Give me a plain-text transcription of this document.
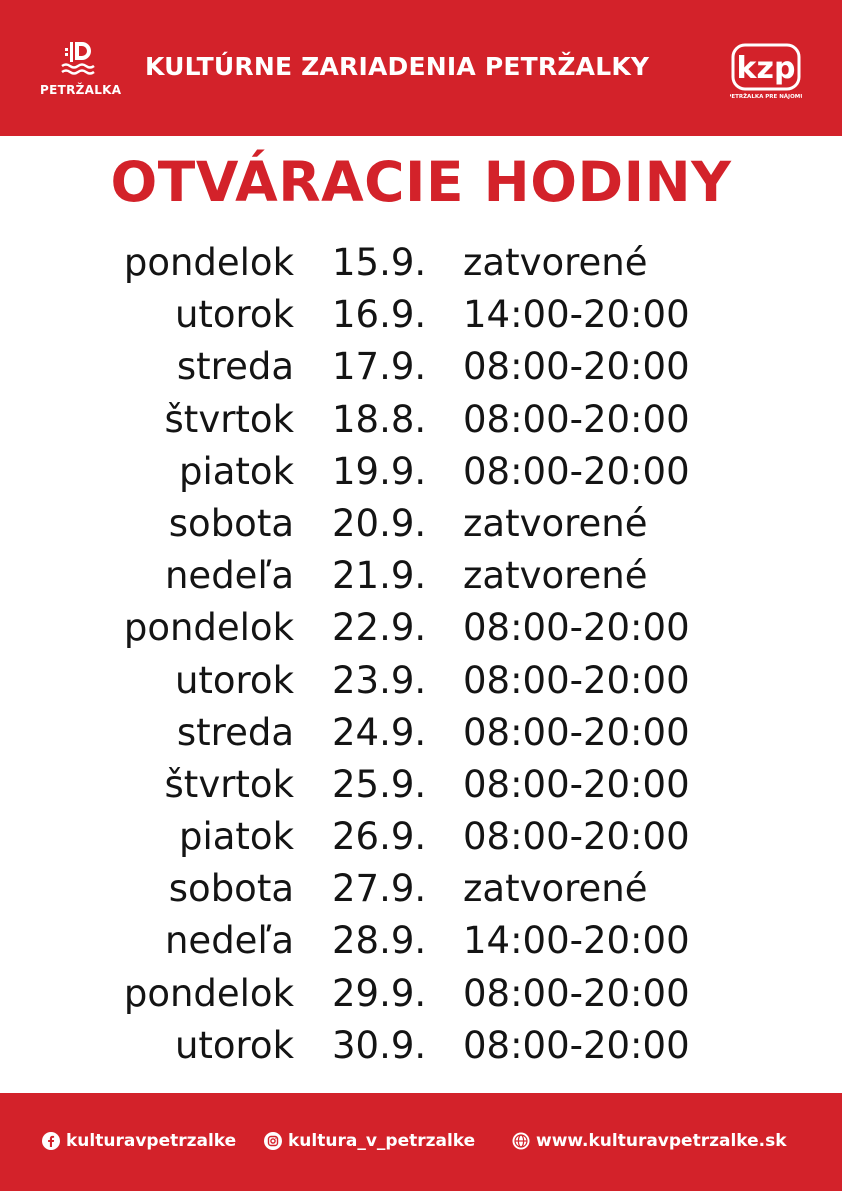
PETRŽALKA
KULTÚRNE ZARIADENIA PETRŽALKY	kzp
PETRŽALKA PRE NÁJOMU
OTVÁRACIE HODINY
pondelok 15.9. zatvorené
utorok 16.9. 14:00-20:00
streda 17.9. 08:00-20:00
štvrtok 18.8. 08:00-20:00
piatok 19.9. 08:00-20:00
sobota 20.9. zatvorené
nedeľa 21.9. zatvorené
pondelok 22.9. 08:00-20:00
utorok 23.9. 08:00-20:00
streda 24.9. 08:00-20:00
štvrtok 25.9. 08:00-20:00
piatok 26.9. 08:00-20:00
sobota 27.9. zatvorené
nedeľa 28.9. 14:00-20:00
pondelok 29.9. 08:00-20:00
utorok 30.9. 08:00-20:00
kulturavpetrzalke	kultura_v_petrzalke	www.kulturavpetrzalke.sk
